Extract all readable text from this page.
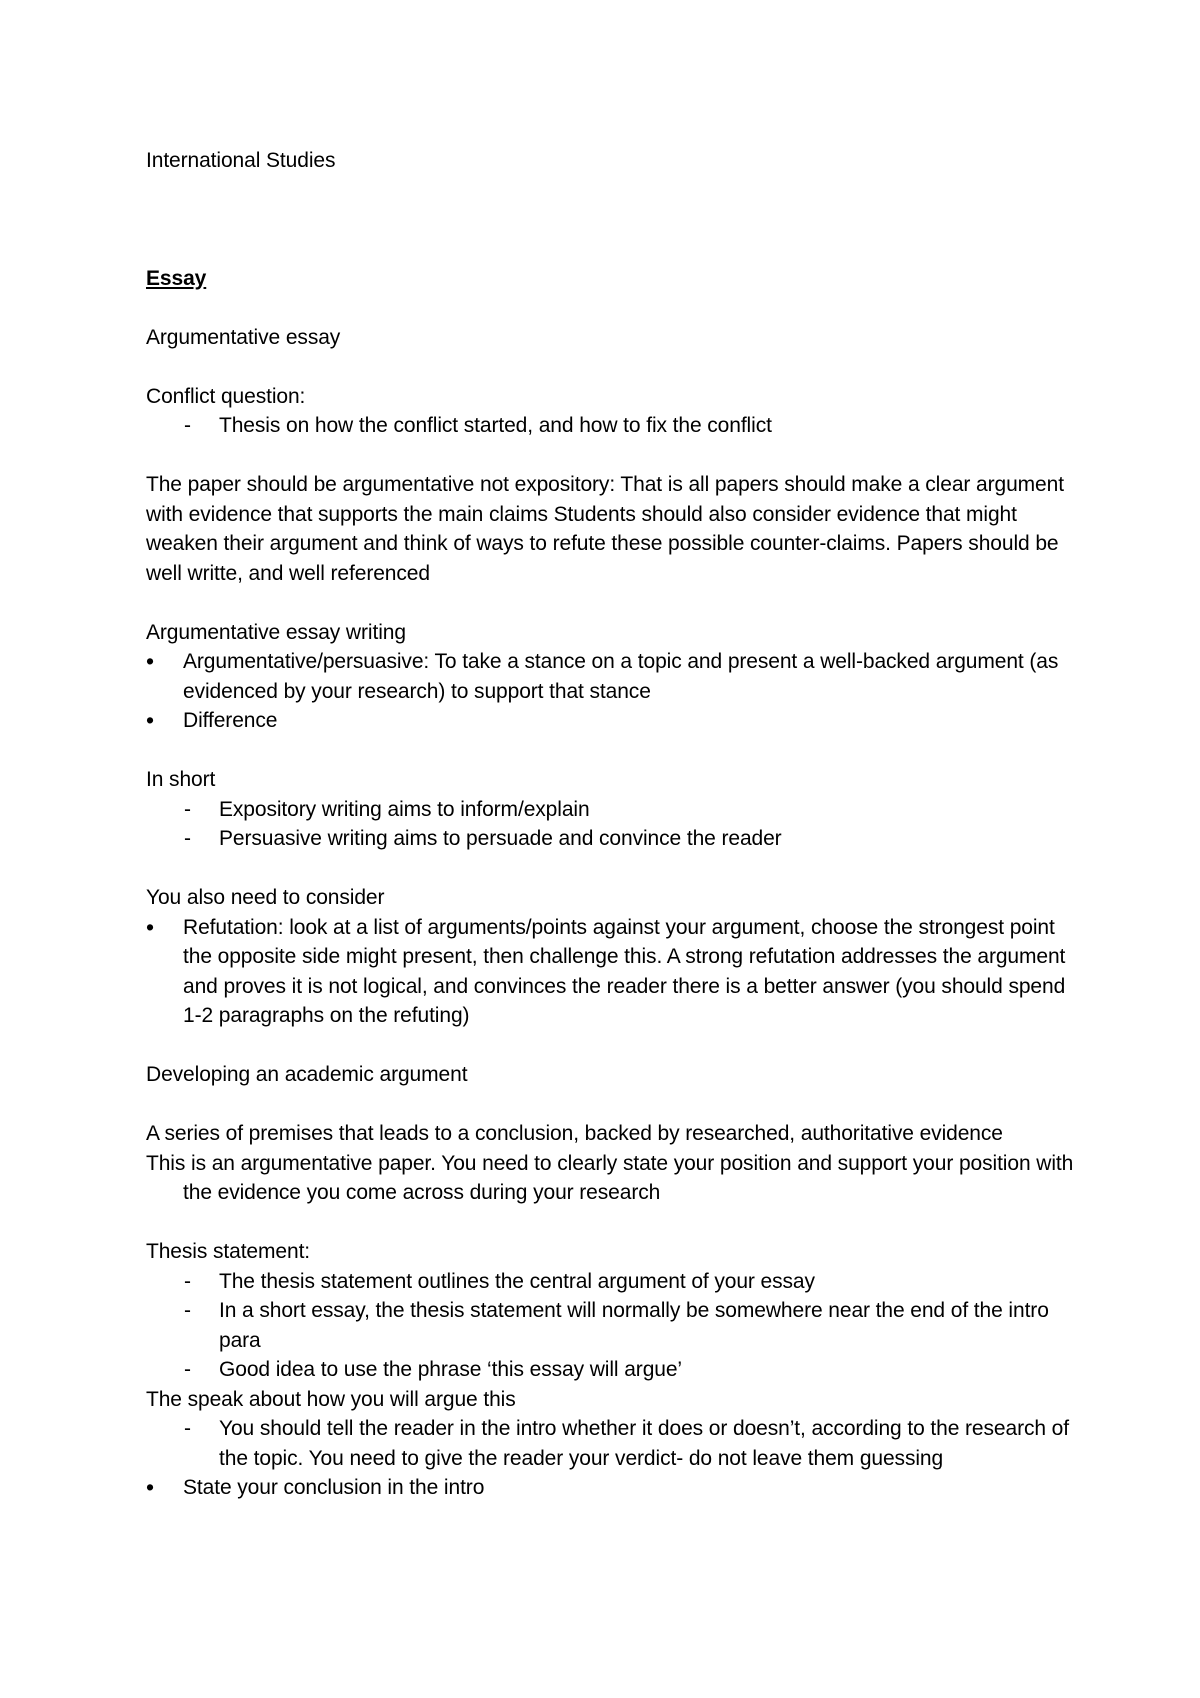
International Studies

Essay

Argumentative essay

Conflict question:

- Thesis on how the conflict started, and how to fix the conflict

The paper should be argumentative not expository: That is all papers should make a clear argument with evidence that supports the main claims Students should also consider evidence that might weaken their argument and think of ways to refute these possible counter-claims. Papers should be well writte, and well referenced

Argumentative essay writing

• Argumentative/persuasive: To take a stance on a topic and present a well-backed argument (as evidenced by your research) to support that stance
• Difference

In short

- Expository writing aims to inform/explain
- Persuasive writing aims to persuade and convince the reader

You also need to consider

• Refutation: look at a list of arguments/points against your argument, choose the strongest point the opposite side might present, then challenge this. A strong refutation addresses the argument and proves it is not logical, and convinces the reader there is a better answer (you should spend 1-2 paragraphs on the refuting)

Developing an academic argument

A series of premises that leads to a conclusion, backed by researched, authoritative evidence

This is an argumentative paper. You need to clearly state your position and support your position with the evidence you come across during your research

Thesis statement:

- The thesis statement outlines the central argument of your essay
- In a short essay, the thesis statement will normally be somewhere near the end of the intro para
- Good idea to use the phrase ‘this essay will argue’

The speak about how you will argue this

- You should tell the reader in the intro whether it does or doesn’t, according to the research of the topic. You need to give the reader your verdict- do not leave them guessing
• State your conclusion in the intro
